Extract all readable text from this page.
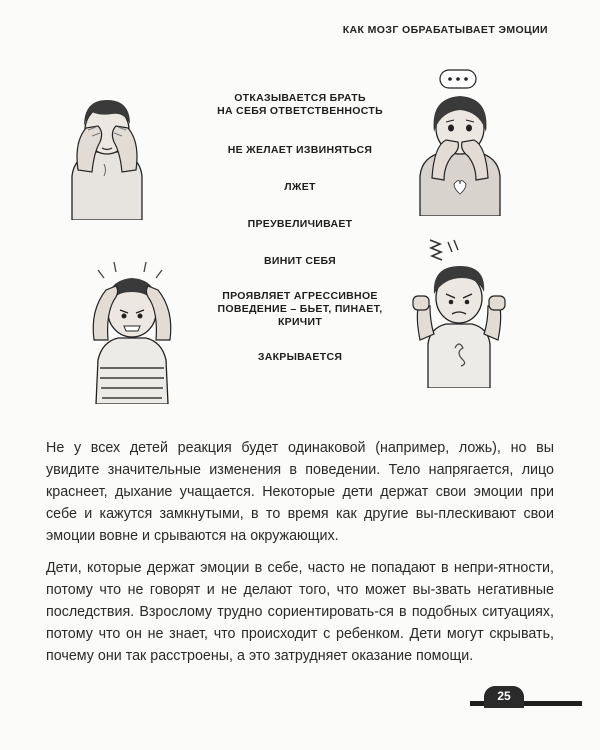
КАК МОЗГ ОБРАБАТЫВАЕТ ЭМОЦИИ
ОТКАЗЫВАЕТСЯ БРАТЬ
НА СЕБЯ ОТВЕТСТВЕННОСТЬ
НЕ ЖЕЛАЕТ ИЗВИНЯТЬСЯ
ЛЖЕТ
ПРЕУВЕЛИЧИВАЕТ
ВИНИТ СЕБЯ
ПРОЯВЛЯЕТ АГРЕССИВНОЕ
ПОВЕДЕНИЕ – БЬЕТ, ПИНАЕТ,
КРИЧИТ
ЗАКРЫВАЕТСЯ

Не у всех детей реакция будет одинаковой (например, ложь), но вы увидите значительные изменения в поведении. Тело напрягается, лицо краснеет, дыхание учащается. Некоторые дети держат свои эмоции при себе и кажутся замкнутыми, в то время как другие вы-плескивают свои эмоции вовне и срываются на окружающих.

Дети, которые держат эмоции в себе, часто не попадают в непри-ятности, потому что не говорят и не делают того, что может вы-звать негативные последствия. Взрослому трудно сориентировать-ся в подобных ситуациях, потому что он не знает, что происходит с ребенком. Дети могут скрывать, почему они так расстроены, а это затрудняет оказание помощи.

25
